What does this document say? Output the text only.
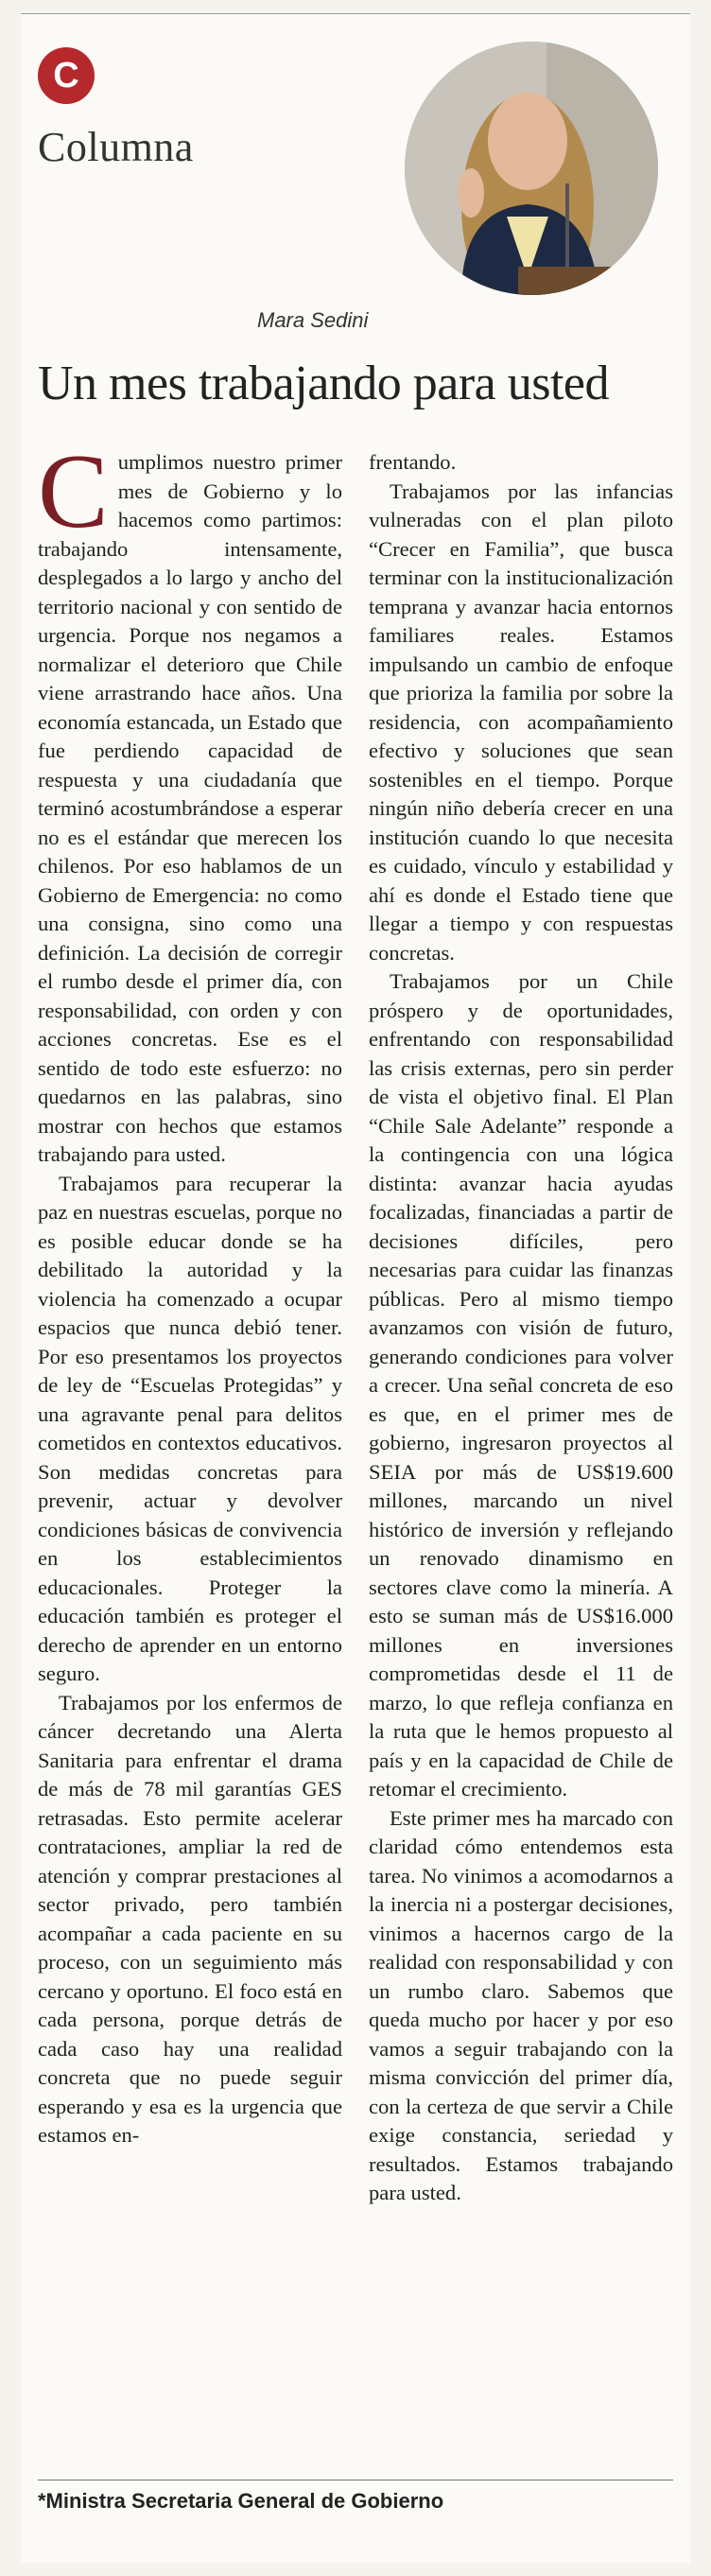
C
Columna
Mara Sedini
Un mes trabajando para usted

Cumplimos nuestro primer mes de Gobierno y lo hacemos como partimos: trabajando intensamente, desplegados a lo largo y ancho del territorio nacional y con sentido de urgencia. Porque nos negamos a normalizar el deterioro que Chile viene arrastrando hace años. Una economía estancada, un Estado que fue perdiendo capacidad de respuesta y una ciudadanía que terminó acostumbrándose a esperar no es el estándar que merecen los chilenos. Por eso hablamos de un Gobierno de Emergencia: no como una consigna, sino como una definición. La decisión de corregir el rumbo desde el primer día, con responsabilidad, con orden y con acciones concretas. Ese es el sentido de todo este esfuerzo: no quedarnos en las palabras, sino mostrar con hechos que estamos trabajando para usted.

Trabajamos para recuperar la paz en nuestras escuelas, porque no es posible educar donde se ha debilitado la autoridad y la violencia ha comenzado a ocupar espacios que nunca debió tener. Por eso presentamos los proyectos de ley de “Escuelas Protegidas” y una agravante penal para delitos cometidos en contextos educativos. Son medidas concretas para prevenir, actuar y devolver condiciones básicas de convivencia en los establecimientos educacionales. Proteger la educación también es proteger el derecho de aprender en un entorno seguro.

Trabajamos por los enfermos de cáncer decretando una Alerta Sanitaria para enfrentar el drama de más de 78 mil garantías GES retrasadas. Esto permite acelerar contrataciones, ampliar la red de atención y comprar prestaciones al sector privado, pero también acompañar a cada paciente en su proceso, con un seguimiento más cercano y oportuno. El foco está en cada persona, porque detrás de cada caso hay una realidad concreta que no puede seguir esperando y esa es la urgencia que estamos en-

frentando.

Trabajamos por las infancias vulneradas con el plan piloto “Crecer en Familia”, que busca terminar con la institucionalización temprana y avanzar hacia entornos familiares reales. Estamos impulsando un cambio de enfoque que prioriza la familia por sobre la residencia, con acompañamiento efectivo y soluciones que sean sostenibles en el tiempo. Porque ningún niño debería crecer en una institución cuando lo que necesita es cuidado, vínculo y estabilidad y ahí es donde el Estado tiene que llegar a tiempo y con respuestas concretas.

Trabajamos por un Chile próspero y de oportunidades, enfrentando con responsabilidad las crisis externas, pero sin perder de vista el objetivo final. El Plan “Chile Sale Adelante” responde a la contingencia con una lógica distinta: avanzar hacia ayudas focalizadas, financiadas a partir de decisiones difíciles, pero necesarias para cuidar las finanzas públicas. Pero al mismo tiempo avanzamos con visión de futuro, generando condiciones para volver a crecer. Una señal concreta de eso es que, en el primer mes de gobierno, ingresaron proyectos al SEIA por más de US$19.600 millones, marcando un nivel histórico de inversión y reflejando un renovado dinamismo en sectores clave como la minería. A esto se suman más de US$16.000 millones en inversiones comprometidas desde el 11 de marzo, lo que refleja confianza en la ruta que le hemos propuesto al país y en la capacidad de Chile de retomar el crecimiento.

Este primer mes ha marcado con claridad cómo entendemos esta tarea. No vinimos a acomodarnos a la inercia ni a postergar decisiones, vinimos a hacernos cargo de la realidad con responsabilidad y con un rumbo claro. Sabemos que queda mucho por hacer y por eso vamos a seguir trabajando con la misma convicción del primer día, con la certeza de que servir a Chile exige constancia, seriedad y resultados. Estamos trabajando para usted.

*Ministra Secretaria General de Gobierno
